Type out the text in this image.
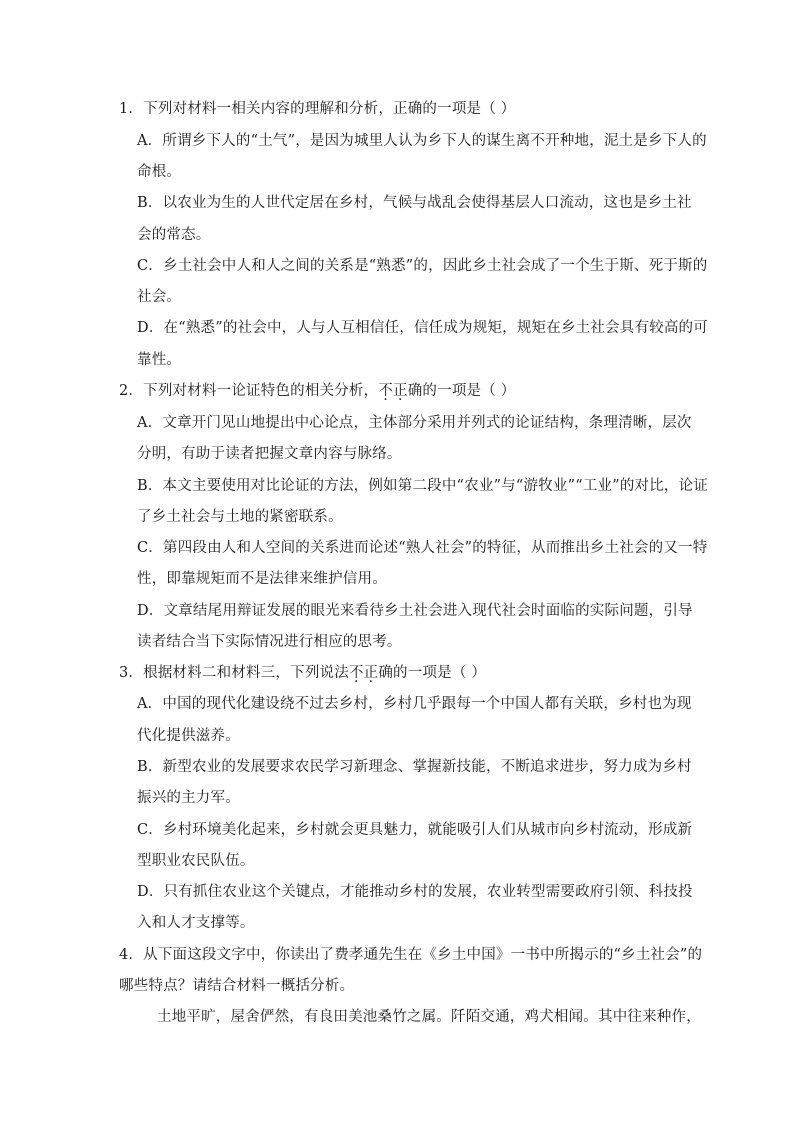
1．下列对材料一相关内容的理解和分析，正确的一项是（ ）
A．所谓乡下人的“土气”，是因为城里人认为乡下人的谋生离不开种地，泥土是乡下人的
命根。
B．以农业为生的人世代定居在乡村，气候与战乱会使得基层人口流动，这也是乡土社
会的常态。
C．乡土社会中人和人之间的关系是“熟悉”的，因此乡土社会成了一个生于斯、死于斯的
社会。
D．在“熟悉”的社会中，人与人互相信任，信任成为规矩，规矩在乡土社会具有较高的可
靠性。
2．下列对材料一论证特色的相关分析，不正确的一项是（ ）
A．文章开门见山地提出中心论点，主体部分采用并列式的论证结构，条理清晰，层次
分明，有助于读者把握文章内容与脉络。
B．本文主要使用对比论证的方法，例如第二段中“农业”与“游牧业”“工业”的对比，论证
了乡土社会与土地的紧密联系。
C．第四段由人和人空间的关系进而论述“熟人社会”的特征，从而推出乡土社会的又一特
性，即靠规矩而不是法律来维护信用。
D．文章结尾用辩证发展的眼光来看待乡土社会进入现代社会时面临的实际问题，引导
读者结合当下实际情况进行相应的思考。
3．根据材料二和材料三，下列说法不正确的一项是（ ）
A．中国的现代化建设绕不过去乡村，乡村几乎跟每一个中国人都有关联，乡村也为现
代化提供滋养。
B．新型农业的发展要求农民学习新理念、掌握新技能，不断追求进步，努力成为乡村
振兴的主力军。
C．乡村环境美化起来，乡村就会更具魅力，就能吸引人们从城市向乡村流动，形成新
型职业农民队伍。
D．只有抓住农业这个关键点，才能推动乡村的发展，农业转型需要政府引领、科技投
入和人才支撑等。
4．从下面这段文字中，你读出了费孝通先生在《乡土中国》一书中所揭示的“乡土社会”的
哪些特点？请结合材料一概括分析。
土地平旷，屋舍俨然，有良田美池桑竹之属。阡陌交通，鸡犬相闻。其中往来种作，
